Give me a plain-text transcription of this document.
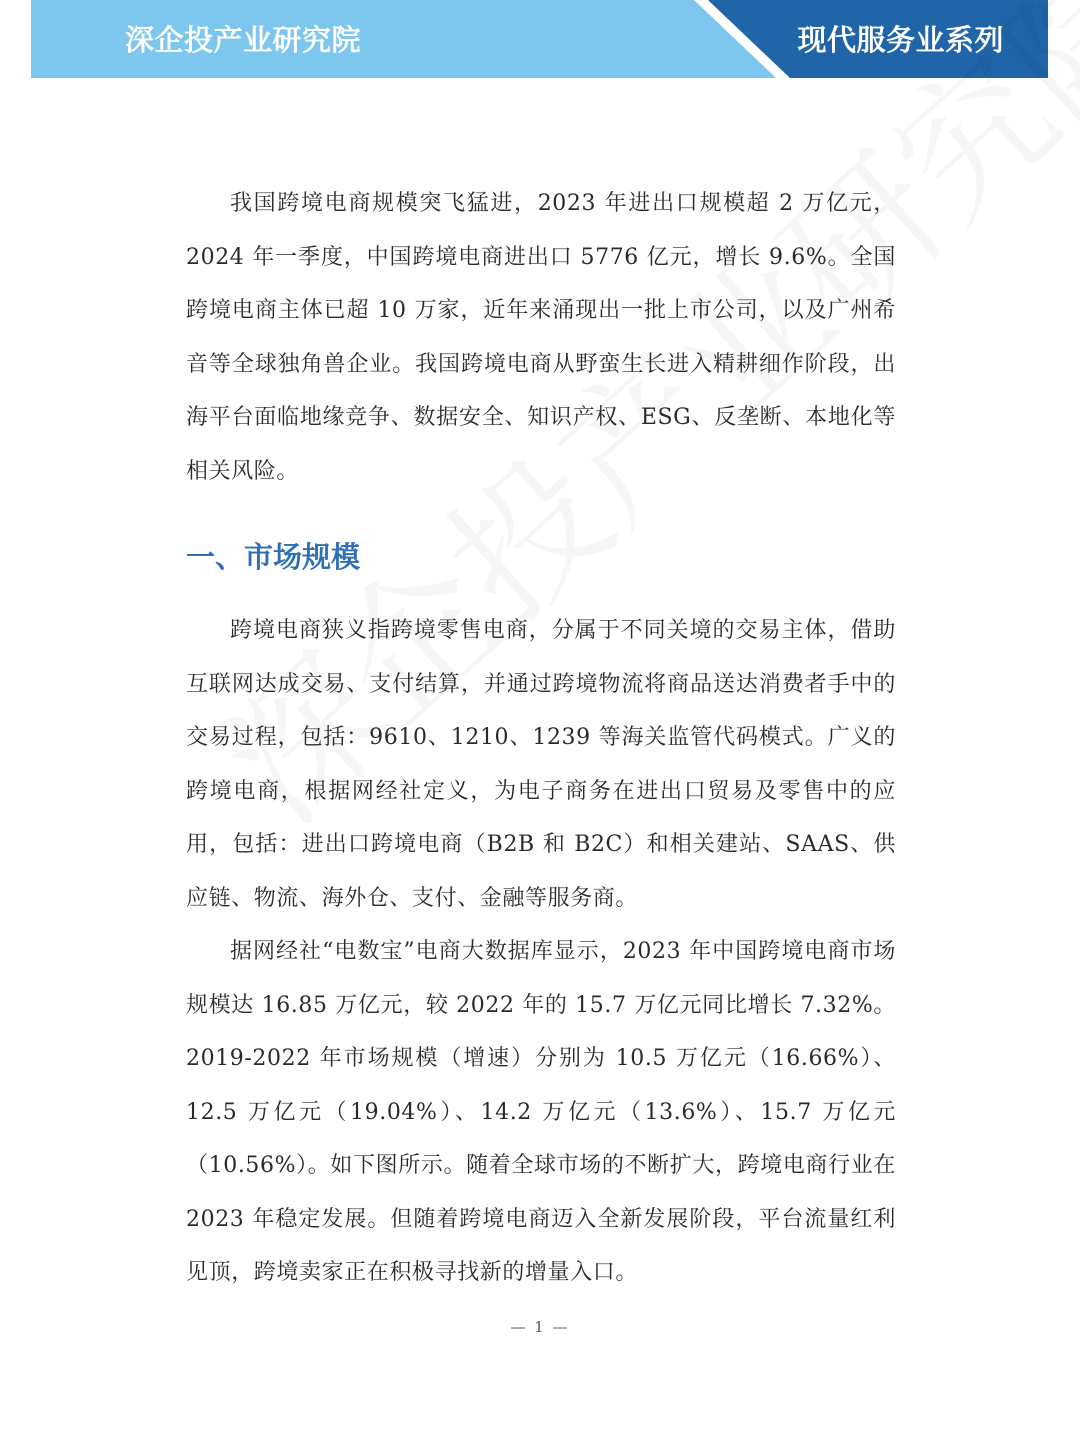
深企投产业研究院	现代服务业系列

我国跨境电商规模突飞猛进，2023 年进出口规模超 2 万亿元，2024 年一季度，中国跨境电商进出口 5776 亿元，增长 9.6%。全国跨境电商主体已超 10 万家，近年来涌现出一批上市公司，以及广州希音等全球独角兽企业。我国跨境电商从野蛮生长进入精耕细作阶段，出海平台面临地缘竞争、数据安全、知识产权、ESG、反垄断、本地化等相关风险。

一、市场规模

跨境电商狭义指跨境零售电商，分属于不同关境的交易主体，借助互联网达成交易、支付结算，并通过跨境物流将商品送达消费者手中的交易过程，包括：9610、1210、1239 等海关监管代码模式。广义的跨境电商，根据网经社定义，为电子商务在进出口贸易及零售中的应用，包括：进出口跨境电商（B2B 和 B2C）和相关建站、SAAS、供应链、物流、海外仓、支付、金融等服务商。

据网经社“电数宝”电商大数据库显示，2023 年中国跨境电商市场规模达 16.85 万亿元，较 2022 年的 15.7 万亿元同比增长 7.32%。2019-2022 年市场规模（增速）分别为 10.5 万亿元（16.66%）、12.5 万亿元（19.04%）、14.2 万亿元（13.6%）、15.7 万亿元（10.56%）。如下图所示。随着全球市场的不断扩大，跨境电商行业在 2023 年稳定发展。但随着跨境电商迈入全新发展阶段，平台流量红利见顶，跨境卖家正在积极寻找新的增量入口。

— 1 —
